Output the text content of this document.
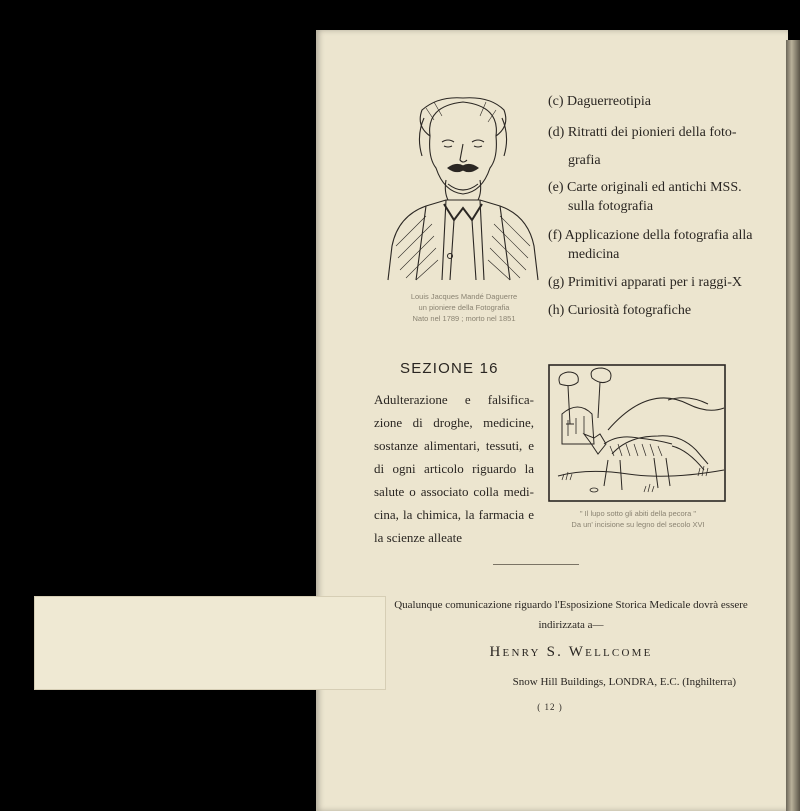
Louis Jacques Mandé Daguerre
un pioniere della Fotografia
Nato nel 1789 ; morto nel 1851
(c) Daguerreotipia
(d) Ritratti dei pionieri della foto-
grafia
(e) Carte originali ed antichi MSS.
sulla fotografia
(f) Applicazione della fotografia alla
medicina
(g) Primitivi apparati per i raggi-X
(h) Curiosità fotografiche
SEZIONE 16
Adulterazione e falsifica-
zione di droghe, medicine,
sostanze alimentari, tessuti, e
di ogni articolo riguardo la
salute o associato colla medi-
cina, la chimica, la farmacia e
la scienze alleate
" Il lupo sotto gli abiti della pecora "
Da un' incisione su legno del secolo XVI
Qualunque comunicazione riguardo l'Esposizione Storica Medicale dovrà essere
indirizzata a—
Henry S. Wellcome
Snow Hill Buildings, LONDRA, E.C. (Inghilterra)
( 12 )
